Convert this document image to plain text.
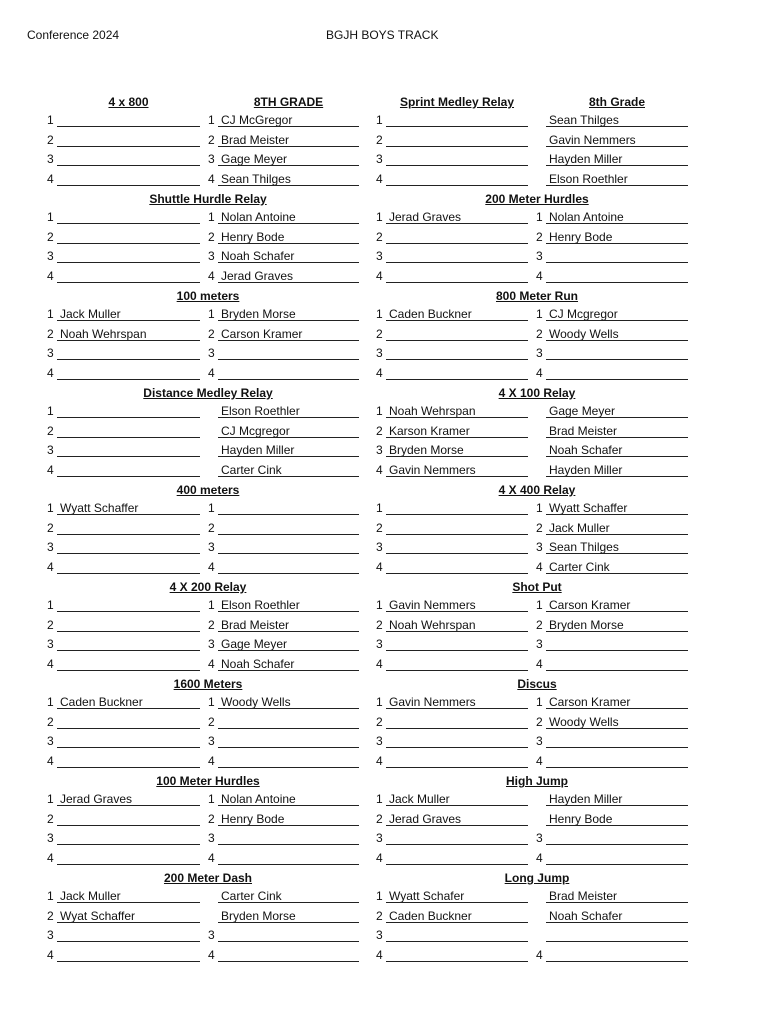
Conference 2024	BGJH BOYS TRACK
4 x 800	8TH GRADE
1	1 CJ McGregor
2	2 Brad Meister
3	3 Gage Meyer
4	4 Sean Thilges
Shuttle Hurdle Relay
1	1 Nolan Antoine
2	2 Henry Bode
3	3 Noah Schafer
4	4 Jerad Graves
100 meters
1 Jack Muller	1 Bryden Morse
2 Noah Wehrspan	2 Carson Kramer
3	3
4	4
Distance Medley Relay
1	Elson Roethler
2	CJ Mcgregor
3	Hayden Miller
4	Carter Cink
400 meters
1 Wyatt Schaffer	1
2	2
3	3
4	4
4 X 200 Relay
1	1 Elson Roethler
2	2 Brad Meister
3	3 Gage Meyer
4	4 Noah Schafer
1600 Meters
1 Caden Buckner	1 Woody Wells
2	2
3	3
4	4
100 Meter Hurdles
1 Jerad Graves	1 Nolan Antoine
2	2 Henry Bode
3	3
4	4
200 Meter Dash
1 Jack Muller	Carter Cink
2 Wyat Schaffer	Bryden Morse
3	3
4	4
Sprint Medley Relay	8th Grade
1	Sean Thilges
2	Gavin Nemmers
3	Hayden Miller
4	Elson Roethler
200 Meter Hurdles
1 Jerad Graves	1 Nolan Antoine
2	2 Henry Bode
3	3
4	4
800 Meter Run
1 Caden Buckner	1 CJ Mcgregor
2	2 Woody Wells
3	3
4	4
4 X 100 Relay
1 Noah Wehrspan	Gage Meyer
2 Karson Kramer	Brad Meister
3 Bryden Morse	Noah Schafer
4 Gavin Nemmers	Hayden Miller
4 X 400 Relay
1	1 Wyatt Schaffer
2	2 Jack Muller
3	3 Sean Thilges
4	4 Carter Cink
Shot Put
1 Gavin Nemmers	1 Carson Kramer
2 Noah Wehrspan	2 Bryden Morse
3	3
4	4
Discus
1 Gavin Nemmers	1 Carson Kramer
2	2 Woody Wells
3	3
4	4
High Jump
1 Jack Muller	Hayden Miller
2 Jerad Graves	Henry Bode
3	3
4	4
Long Jump
1 Wyatt Schafer	Brad Meister
2 Caden Buckner	Noah Schafer
3
4	4
